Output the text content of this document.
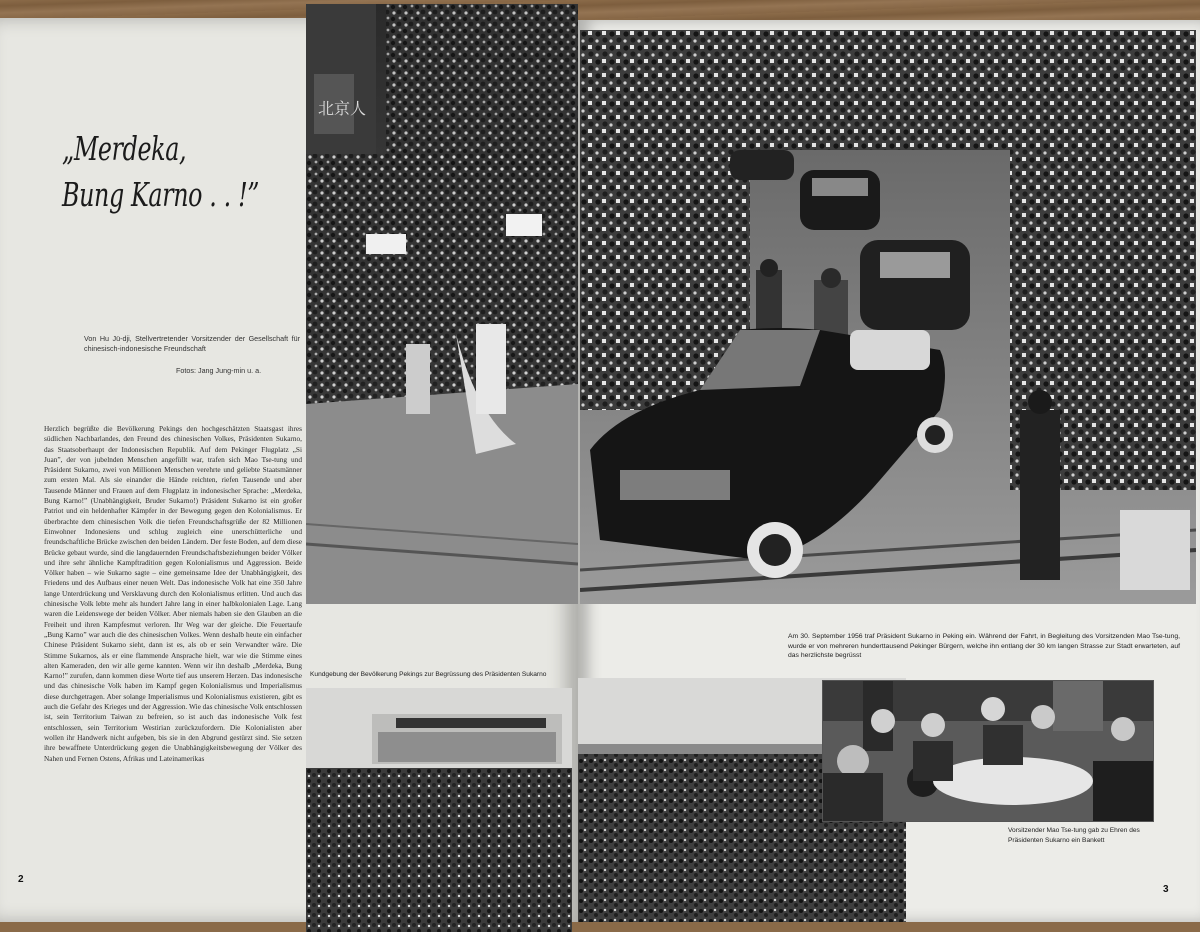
„Merdeka,
Bung Karno . . !”
Von Hu Jü-dji, Stellvertretender Vorsitzender der Gesellschaft für chinesisch-indonesische Freundschaft
Fotos: Jang Jung-min u. a.
Herzlich begrüßte die Bevölkerung Pekings den hochgeschätzten Staatsgast ihres südlichen Nachbarlandes, den Freund des chinesischen Volkes, Präsidenten Sukarno, das Staatsoberhaupt der Indonesischen Republik. Auf dem Pekinger Flugplatz „Si Juan”, der von jubelnden Menschen angefüllt war, trafen sich Mao Tse-tung und Präsident Sukarno, zwei von Millionen Menschen verehrte und geliebte Staatsmänner zum ersten Mal. Als sie einander die Hände reichten, riefen Tausende und aber Tausende Männer und Frauen auf dem Flugplatz in indonesischer Sprache: „Merdeka, Bung Karno!” (Unabhängigkeit, Bruder Sukarno!) Präsident Sukarno ist ein großer Patriot und ein heldenhafter Kämpfer in der Bewegung gegen den Kolonialismus. Er überbrachte dem chinesischen Volk die tiefen Freundschaftsgrüße der 82 Millionen Einwohner Indonesiens und schlug zugleich eine unerschütterliche und freundschaftliche Brücke zwischen den beiden Ländern. Der feste Boden, auf dem diese Brücke gebaut wurde, sind die langdauernden Freundschaftsbeziehungen beider Völker und ihre sehr ähnliche Kampftradition gegen Kolonialismus und Aggression. Beide Völker haben – wie Sukarno sagte – eine gemeinsame Idee der Unabhängigkeit, des Friedens und des Aufbaus einer neuen Welt. Das indonesische Volk hat eine 350 Jahre lange Unterdrückung und Versklavung durch den Kolonialismus erlitten. Und auch das chinesische Volk lebte mehr als hundert Jahre lang in einer halbkolonialen Lage. Lang waren die Leidenswege der beiden Völker. Aber niemals haben sie den Glauben an die Freiheit und ihren Kampfesmut verloren. Ihr Weg war der gleiche. Die Feuertaufe „Bung Karno” war auch die des chinesischen Volkes. Wenn deshalb heute ein einfacher Chinese Präsident Sukarno sieht, dann ist es, als ob er sein Verwandter wäre. Die Stimme Sukarnos, als er eine flammende Ansprache hielt, war wie die Stimme eines alten Kameraden, den wir alle gerne kannten. Wenn wir ihn deshalb „Merdeka, Bung Karno!” zurufen, dann kommen diese Worte tief aus unserem Herzen. Das indonesische und das chinesische Volk haben im Kampf gegen Kolonialismus und Imperialismus diese durchgetragen. Aber solange Imperialismus und Kolonialismus existieren, gibt es auch die Gefahr des Krieges und der Aggression. Wie das chinesische Volk entschlossen ist, sein Territorium Taiwan zu befreien, so ist auch das indonesische Volk fest entschlossen, sein Territorium Westirian zurückzufordern. Die Kolonialisten aber wollen ihr Handwerk nicht aufgeben, bis sie in den Abgrund gestürzt sind. Sie setzen ihre bewaffnete Unterdrückung gegen die Unabhängigkeitsbewegung der Völker des Nahen und Fernen Ostens, Afrikas und Lateinamerikas
2
北京人
Kundgebung der Bevölkerung Pekings zur Begrüssung des Präsidenten Sukarno
Am 30. September 1956 traf Präsident Sukarno in Peking ein. Während der Fahrt, in Begleitung des Vorsitzenden Mao Tse-tung, wurde er von mehreren hunderttausend Pekinger Bürgern, welche ihn entlang der 30 km langen Strasse zur Stadt erwarteten, auf das herzlichste begrüsst
Vorsitzender Mao Tse-tung gab zu Ehren des Präsidenten Sukarno ein Bankett
3
